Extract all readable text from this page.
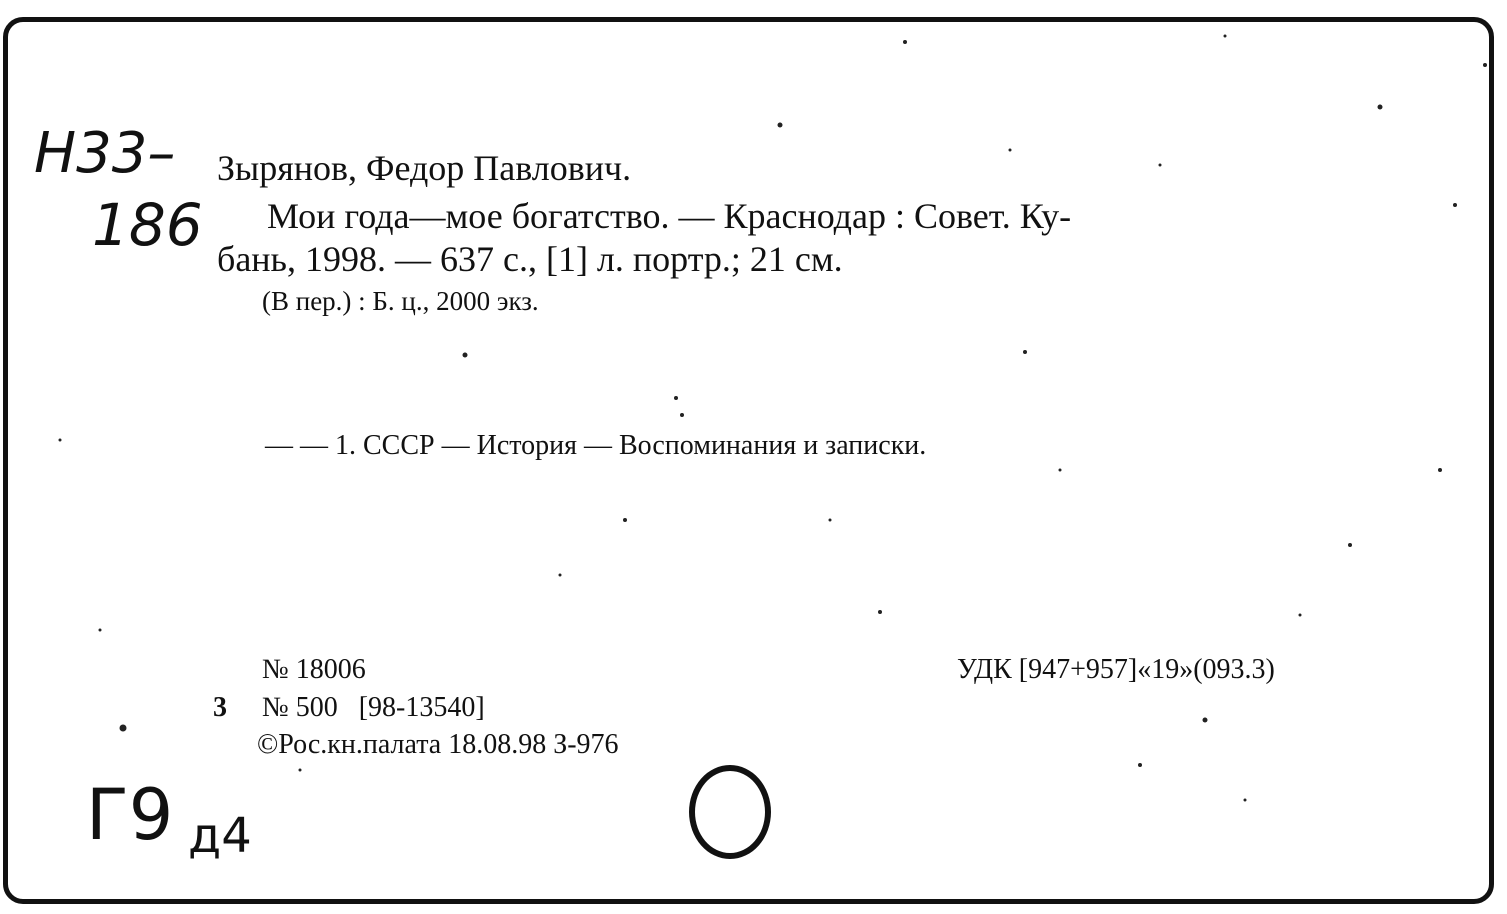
Н33–
186
Зырянов, Федор Павлович.
Мои года—мое богатство. — Краснодар : Совет. Ку-
бань, 1998. — 637 с., [1] л. портр.; 21 см.
(В пер.) : Б. ц., 2000 экз.
— — 1. СССР — История — Воспоминания и записки.
№ 18006	УДК [947+957]«19»(093.3)
3 № 500   [98-13540]
©Рос.кн.палата 18.08.98 З-976
Г9 д4
